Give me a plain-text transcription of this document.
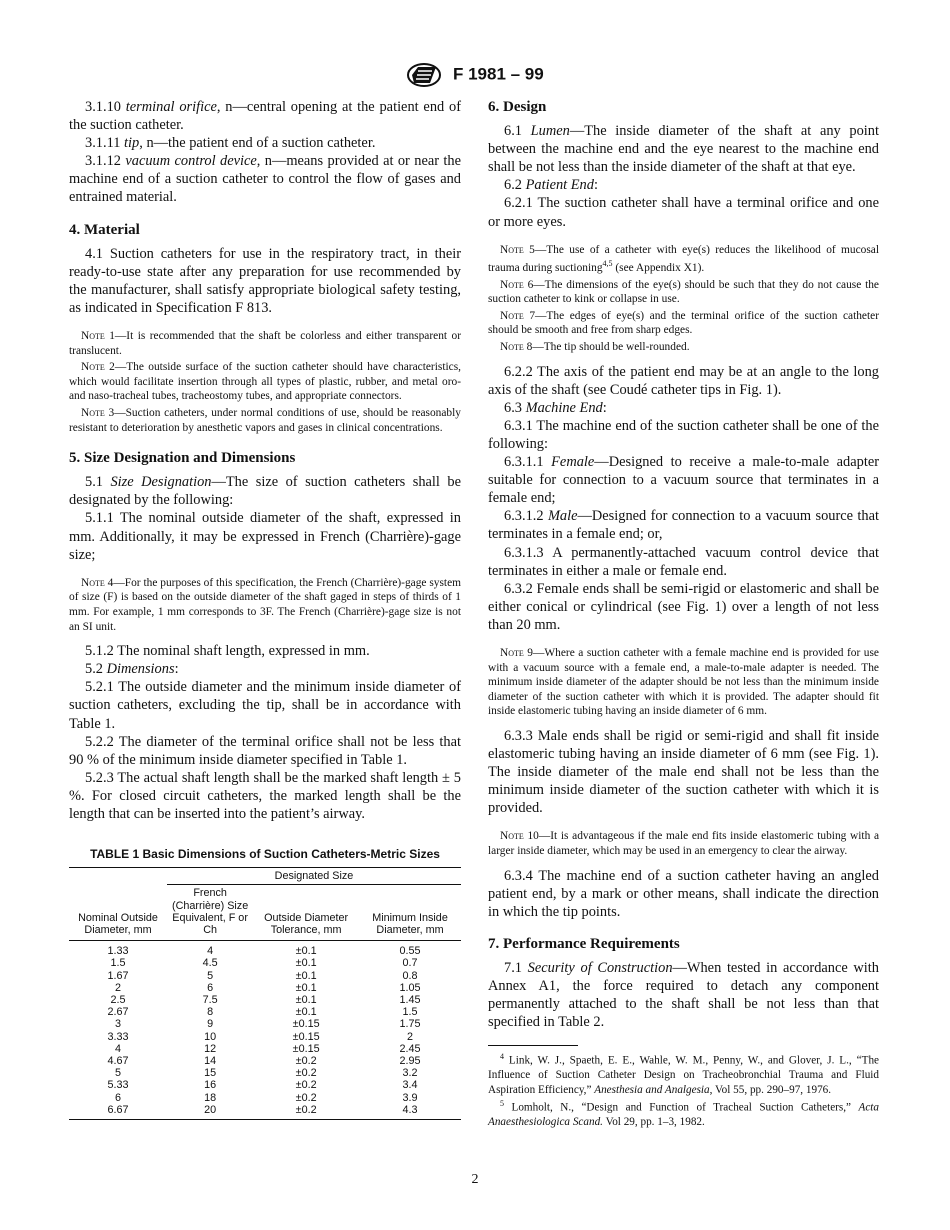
F 1981 – 99

3.1.10 terminal orifice, n—central opening at the patient end of the suction catheter.

3.1.11 tip, n—the patient end of a suction catheter.

3.1.12 vacuum control device, n—means provided at or near the machine end of a suction catheter to control the flow of gases and entrained material.

4. Material

4.1 Suction catheters for use in the respiratory tract, in their ready-to-use state after any preparation for use recommended by the manufacturer, shall satisfy appropriate biological safety testing, as indicated in Specification F 813.

Note 1—It is recommended that the shaft be colorless and either transparent or translucent.

Note 2—The outside surface of the suction catheter should have characteristics, which would facilitate insertion through all types of plastic, rubber, and metal oro- and naso-tracheal tubes, tracheostomy tubes, and appropriate connectors.

Note 3—Suction catheters, under normal conditions of use, should be reasonably resistant to deterioration by anesthetic vapors and gases in clinical concentrations.

5. Size Designation and Dimensions

5.1 Size Designation—The size of suction catheters shall be designated by the following:

5.1.1 The nominal outside diameter of the shaft, expressed in mm. Additionally, it may be expressed in French (Charrière)-gage size;

Note 4—For the purposes of this specification, the French (Charrière)-gage system of size (F) is based on the outside diameter of the shaft gaged in steps of thirds of 1 mm. For example, 1 mm corresponds to 3F. The French (Charrière)-gage size is not an SI unit.

5.1.2 The nominal shaft length, expressed in mm.

5.2 Dimensions:

5.2.1 The outside diameter and the minimum inside diameter of suction catheters, excluding the tip, shall be in accordance with Table 1.

5.2.2 The diameter of the terminal orifice shall not be less that 90 % of the minimum inside diameter specified in Table 1.

5.2.3 The actual shaft length shall be the marked shaft length ± 5 %. For closed circuit catheters, the marked length shall be the length that can be inserted into the patient’s airway.

TABLE 1 Basic Dimensions of Suction Catheters-Metric Sizes

	Designated Size		
Nominal Outside Diameter, mm	French (Charrière) Size Equivalent, F or Ch	Outside Diameter Tolerance, mm	Minimum Inside Diameter, mm
1.33	4	±0.1	0.55
1.5	4.5	±0.1	0.7
1.67	5	±0.1	0.8
2	6	±0.1	1.05
2.5	7.5	±0.1	1.45
2.67	8	±0.1	1.5
3	9	±0.15	1.75
3.33	10	±0.15	2
4	12	±0.15	2.45
4.67	14	±0.2	2.95
5	15	±0.2	3.2
5.33	16	±0.2	3.4
6	18	±0.2	3.9
6.67	20	±0.2	4.3

6. Design

6.1 Lumen—The inside diameter of the shaft at any point between the machine end and the eye nearest to the machine end shall be not less than the inside diameter of the shaft at that eye.

6.2 Patient End:

6.2.1 The suction catheter shall have a terminal orifice and one or more eyes.

Note 5—The use of a catheter with eye(s) reduces the likelihood of mucosal trauma during suctioning$^{4,5}$ (see Appendix X1).

Note 6—The dimensions of the eye(s) should be such that they do not cause the suction catheter to kink or collapse in use.

Note 7—The edges of eye(s) and the terminal orifice of the suction catheter should be smooth and free from sharp edges.

Note 8—The tip should be well-rounded.

6.2.2 The axis of the patient end may be at an angle to the long axis of the shaft (see Coudé catheter tips in Fig. 1).

6.3 Machine End:

6.3.1 The machine end of the suction catheter shall be one of the following:

6.3.1.1 Female—Designed to receive a male-to-male adapter suitable for connection to a vacuum source that terminates in a female end;

6.3.1.2 Male—Designed for connection to a vacuum source that terminates in a female end; or,

6.3.1.3 A permanently-attached vacuum control device that terminates in either a male or female end.

6.3.2 Female ends shall be semi-rigid or elastomeric and shall be either conical or cylindrical (see Fig. 1) over a length of not less than 20 mm.

Note 9—Where a suction catheter with a female machine end is provided for use with a vacuum source with a female end, a male-to-male adapter is needed. The minimum inside diameter of the adapter should be not less than the minimum inside diameter of the suction catheter with which it is provided. The adapter should fit inside elastomeric tubing having an inside diameter of 6 mm.

6.3.3 Male ends shall be rigid or semi-rigid and shall fit inside elastomeric tubing having an inside diameter of 6 mm (see Fig. 1). The inside diameter of the male end shall not be less than the minimum inside diameter of the suction catheter with which it is provided.

Note 10—It is advantageous if the male end fits inside elastomeric tubing with a larger inside diameter, which may be used in an emergency to clear the airway.

6.3.4 The machine end of a suction catheter having an angled patient end, by a mark or other means, shall indicate the direction in which the tip points.

7. Performance Requirements

7.1 Security of Construction—When tested in accordance with Annex A1, the force required to detach any component permanently attached to the shaft shall be not less than that specified in Table 2.

$^4$ Link, W. J., Spaeth, E. E., Wahle, W. M., Penny, W., and Glover, J. L., “The Influence of Suction Catheter Design on Tracheobronchial Trauma and Fluid Aspiration Efficiency,” Anesthesia and Analgesia, Vol 55, pp. 290–97, 1976.

$^5$ Lomholt, N., “Design and Function of Tracheal Suction Catheters,” Acta Anaesthesiologica Scand. Vol 29, pp. 1–3, 1982.

2
